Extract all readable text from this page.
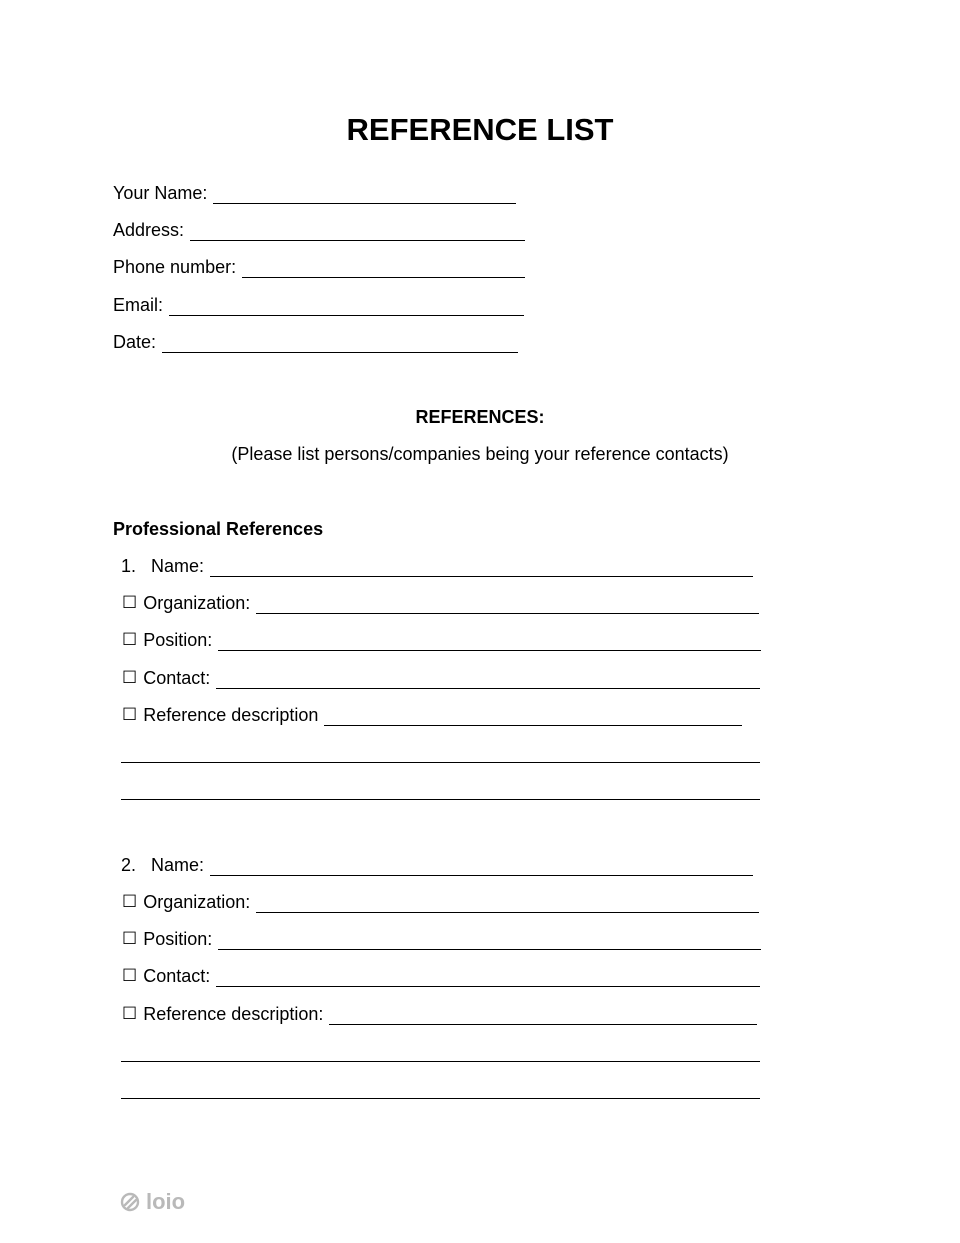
REFERENCE LIST
Your Name:
Address:
Phone number:
Email:
Date:

REFERENCES:

(Please list persons/companies being your reference contacts)

Professional References

1. Name:
☐ Organization:
☐ Position:
☐ Contact:
☐ Reference description
2. Name:
☐ Organization:
☐ Position:
☐ Contact:
☐ Reference description:
loio
